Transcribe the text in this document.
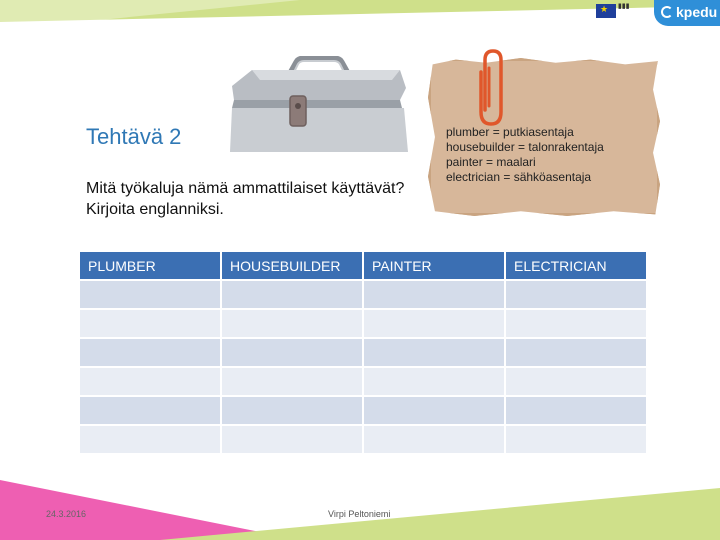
★ ▮▮▮	kpedu
plumber = putkiasentaja
housebuilder = talonrakentaja
painter = maalari
electrician = sähköasentaja
Tehtävä 2

Mitä työkaluja nämä ammattilaiset käyttävät? Kirjoita englanniksi.

PLUMBER	HOUSEBUILDER	PAINTER	ELECTRICIAN

24.3.2016	Virpi Peltoniemi
